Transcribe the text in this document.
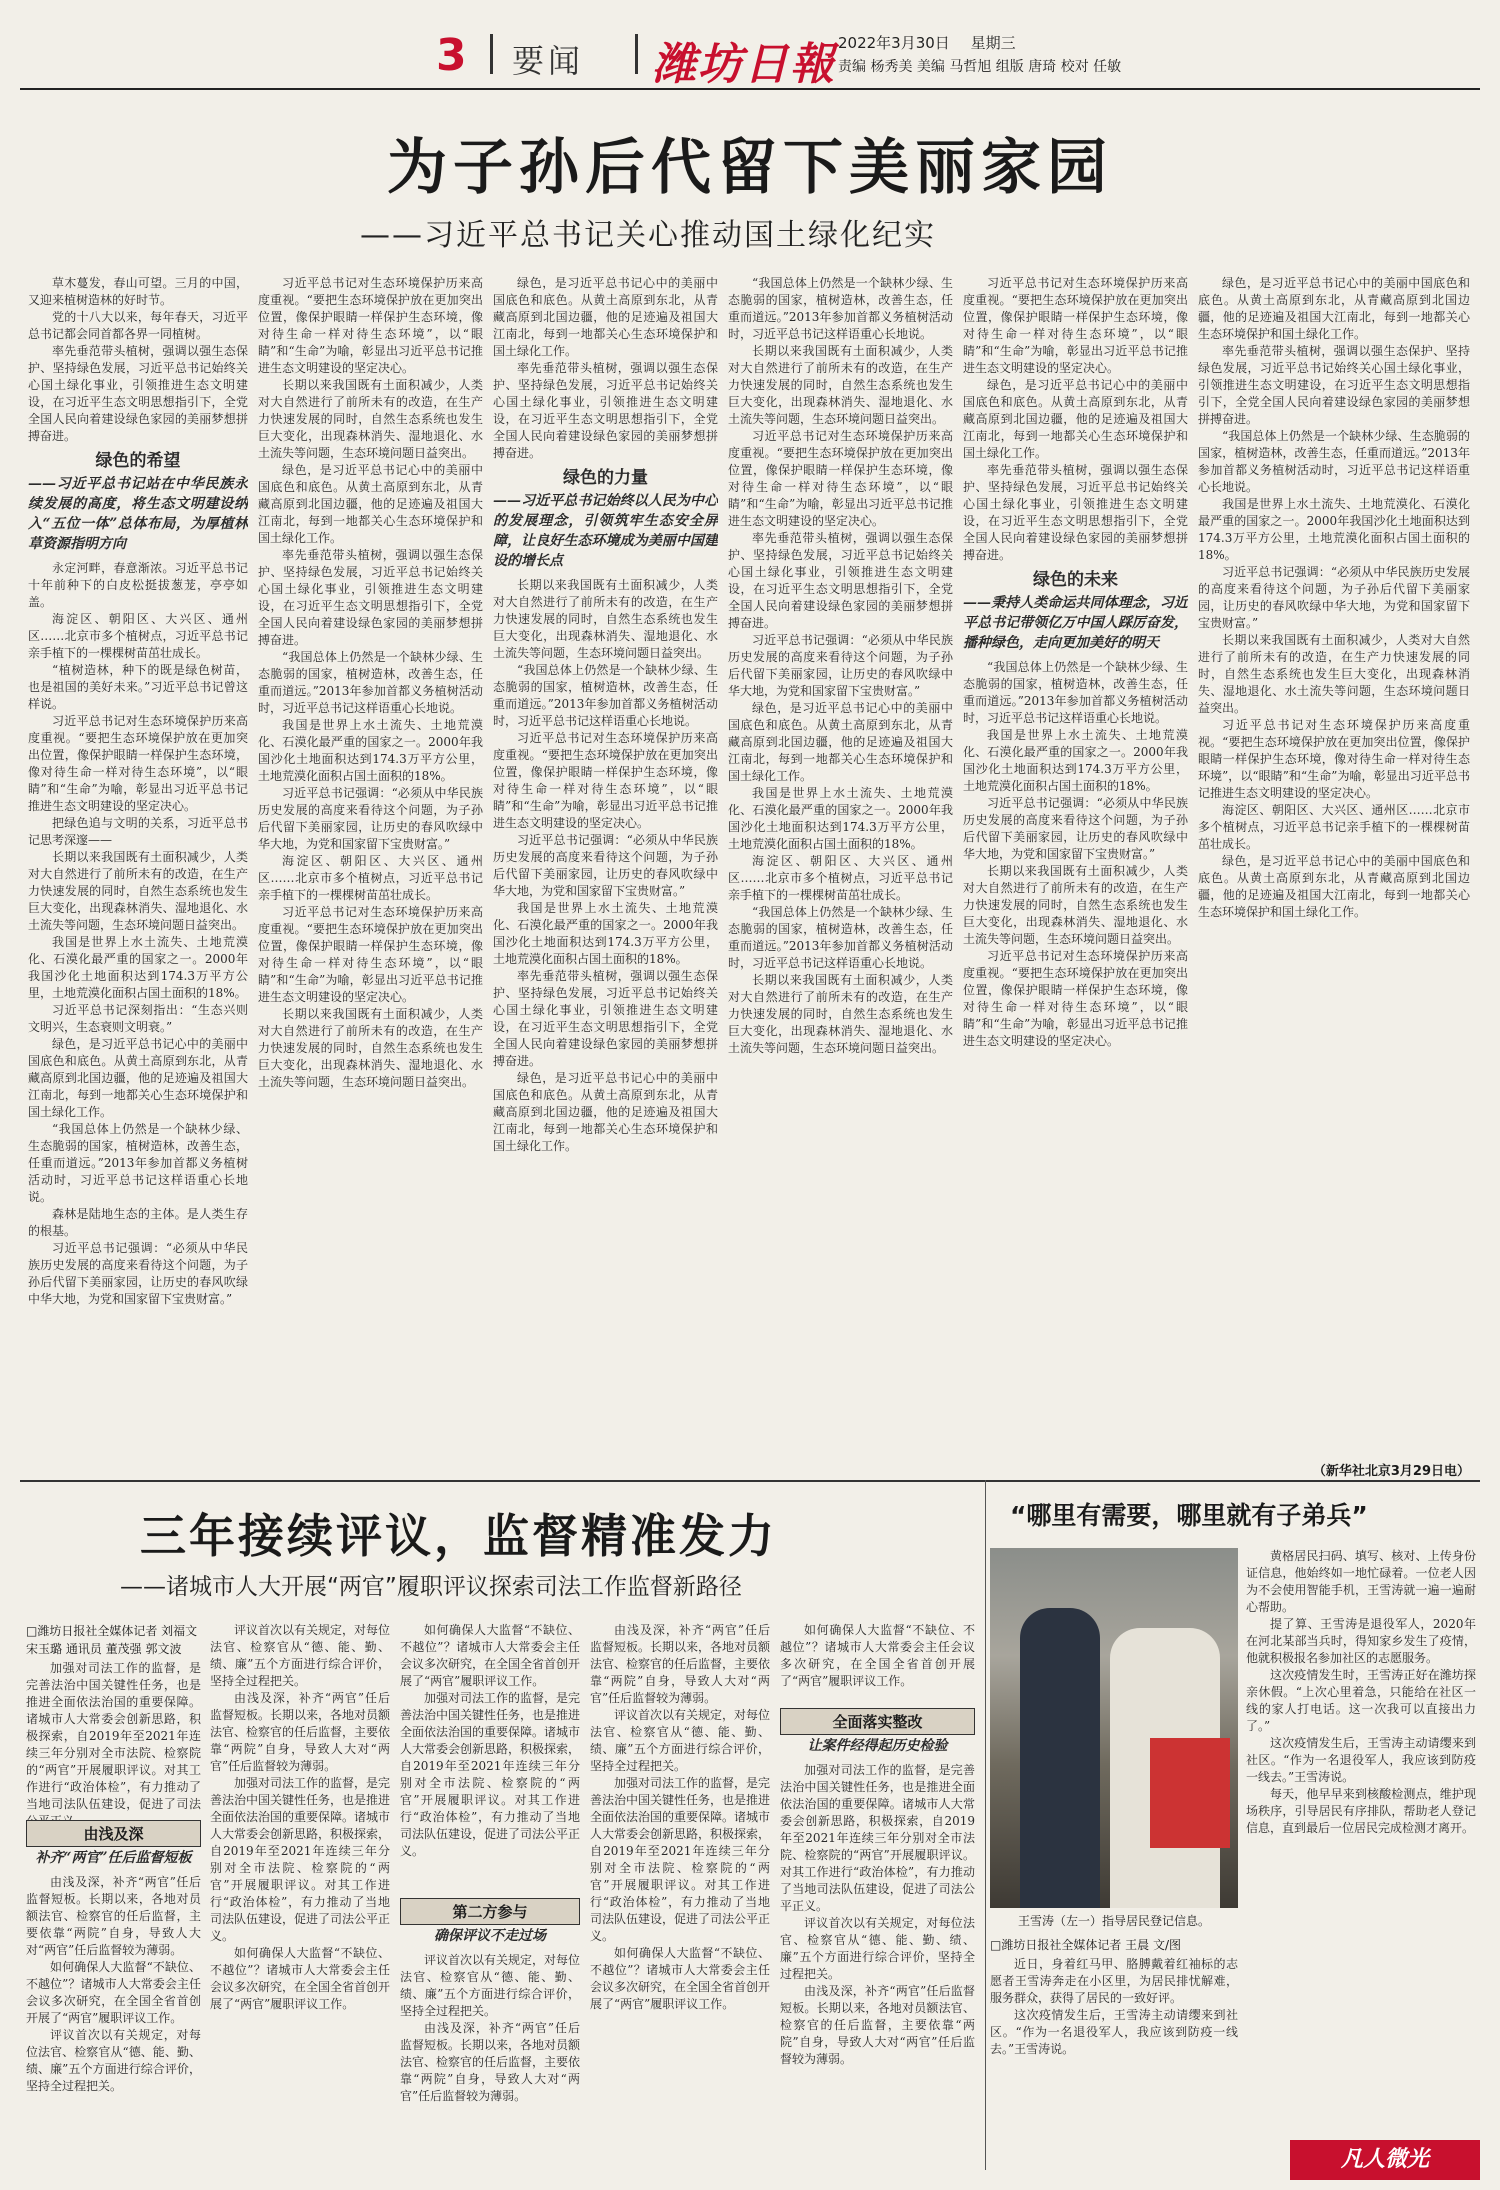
3 要闻 潍坊日報 2022年3月30日 星期三
责编 杨秀美 美编 马哲旭 组版 唐琦 校对 任敏
为子孙后代留下美丽家园
——习近平总书记关心推动国土绿化纪实

草木蔓发，春山可望。三月的中国，又迎来植树造林的好时节。

党的十八大以来，每年春天，习近平总书记都会同首都各界一同植树。

率先垂范带头植树，强调以强生态保护、坚持绿色发展，习近平总书记始终关心国土绿化事业，引领推进生态文明建设，在习近平生态文明思想指引下，全党全国人民向着建设绿色家园的美丽梦想拼搏奋进。

绿色的希望
——习近平总书记站在中华民族永续发展的高度，将生态文明建设纳入“五位一体”总体布局，为厚植林草资源指明方向

永定河畔，春意渐浓。习近平总书记十年前种下的白皮松挺拔葱茏，亭亭如盖。

海淀区、朝阳区、大兴区、通州区……北京市多个植树点，习近平总书记亲手植下的一棵棵树苗茁壮成长。

“植树造林，种下的既是绿色树苗，也是祖国的美好未来。”习近平总书记曾这样说。

习近平总书记对生态环境保护历来高度重视。“要把生态环境保护放在更加突出位置，像保护眼睛一样保护生态环境，像对待生命一样对待生态环境”，以“眼睛”和“生命”为喻，彰显出习近平总书记推进生态文明建设的坚定决心。

把绿色追与文明的关系，习近平总书记思考深邃——

长期以来我国既有土面积减少，人类对大自然进行了前所未有的改造，在生产力快速发展的同时，自然生态系统也发生巨大变化，出现森林消失、湿地退化、水土流失等问题，生态环境问题日益突出。

我国是世界上水土流失、土地荒漠化、石漠化最严重的国家之一。2000年我国沙化土地面积达到174.3万平方公里，土地荒漠化面积占国土面积的18%。

习近平总书记深刻指出：“生态兴则文明兴，生态衰则文明衰。”

绿色，是习近平总书记心中的美丽中国底色和底色。从黄土高原到东北，从青藏高原到北国边疆，他的足迹遍及祖国大江南北，每到一地都关心生态环境保护和国土绿化工作。

“我国总体上仍然是一个缺林少绿、生态脆弱的国家，植树造林，改善生态，任重而道远。”2013年参加首都义务植树活动时，习近平总书记这样语重心长地说。

森林是陆地生态的主体。是人类生存的根基。

习近平总书记强调：“必须从中华民族历史发展的高度来看待这个问题，为子孙后代留下美丽家园，让历史的春风吹绿中华大地，为党和国家留下宝贵财富。”

习近平总书记对生态环境保护历来高度重视。“要把生态环境保护放在更加突出位置，像保护眼睛一样保护生态环境，像对待生命一样对待生态环境”，以“眼睛”和“生命”为喻，彰显出习近平总书记推进生态文明建设的坚定决心。

长期以来我国既有土面积减少，人类对大自然进行了前所未有的改造，在生产力快速发展的同时，自然生态系统也发生巨大变化，出现森林消失、湿地退化、水土流失等问题，生态环境问题日益突出。

绿色，是习近平总书记心中的美丽中国底色和底色。从黄土高原到东北，从青藏高原到北国边疆，他的足迹遍及祖国大江南北，每到一地都关心生态环境保护和国土绿化工作。

率先垂范带头植树，强调以强生态保护、坚持绿色发展，习近平总书记始终关心国土绿化事业，引领推进生态文明建设，在习近平生态文明思想指引下，全党全国人民向着建设绿色家园的美丽梦想拼搏奋进。

“我国总体上仍然是一个缺林少绿、生态脆弱的国家，植树造林，改善生态，任重而道远。”2013年参加首都义务植树活动时，习近平总书记这样语重心长地说。

我国是世界上水土流失、土地荒漠化、石漠化最严重的国家之一。2000年我国沙化土地面积达到174.3万平方公里，土地荒漠化面积占国土面积的18%。

习近平总书记强调：“必须从中华民族历史发展的高度来看待这个问题，为子孙后代留下美丽家园，让历史的春风吹绿中华大地，为党和国家留下宝贵财富。”

海淀区、朝阳区、大兴区、通州区……北京市多个植树点，习近平总书记亲手植下的一棵棵树苗茁壮成长。

习近平总书记对生态环境保护历来高度重视。“要把生态环境保护放在更加突出位置，像保护眼睛一样保护生态环境，像对待生命一样对待生态环境”，以“眼睛”和“生命”为喻，彰显出习近平总书记推进生态文明建设的坚定决心。

长期以来我国既有土面积减少，人类对大自然进行了前所未有的改造，在生产力快速发展的同时，自然生态系统也发生巨大变化，出现森林消失、湿地退化、水土流失等问题，生态环境问题日益突出。

绿色，是习近平总书记心中的美丽中国底色和底色。从黄土高原到东北，从青藏高原到北国边疆，他的足迹遍及祖国大江南北，每到一地都关心生态环境保护和国土绿化工作。

率先垂范带头植树，强调以强生态保护、坚持绿色发展，习近平总书记始终关心国土绿化事业，引领推进生态文明建设，在习近平生态文明思想指引下，全党全国人民向着建设绿色家园的美丽梦想拼搏奋进。

绿色的力量
——习近平总书记始终以人民为中心的发展理念，引领筑牢生态安全屏障，让良好生态环境成为美丽中国建设的增长点

长期以来我国既有土面积减少，人类对大自然进行了前所未有的改造，在生产力快速发展的同时，自然生态系统也发生巨大变化，出现森林消失、湿地退化、水土流失等问题，生态环境问题日益突出。

“我国总体上仍然是一个缺林少绿、生态脆弱的国家，植树造林，改善生态，任重而道远。”2013年参加首都义务植树活动时，习近平总书记这样语重心长地说。

习近平总书记对生态环境保护历来高度重视。“要把生态环境保护放在更加突出位置，像保护眼睛一样保护生态环境，像对待生命一样对待生态环境”，以“眼睛”和“生命”为喻，彰显出习近平总书记推进生态文明建设的坚定决心。

习近平总书记强调：“必须从中华民族历史发展的高度来看待这个问题，为子孙后代留下美丽家园，让历史的春风吹绿中华大地，为党和国家留下宝贵财富。”

我国是世界上水土流失、土地荒漠化、石漠化最严重的国家之一。2000年我国沙化土地面积达到174.3万平方公里，土地荒漠化面积占国土面积的18%。

率先垂范带头植树，强调以强生态保护、坚持绿色发展，习近平总书记始终关心国土绿化事业，引领推进生态文明建设，在习近平生态文明思想指引下，全党全国人民向着建设绿色家园的美丽梦想拼搏奋进。

绿色，是习近平总书记心中的美丽中国底色和底色。从黄土高原到东北，从青藏高原到北国边疆，他的足迹遍及祖国大江南北，每到一地都关心生态环境保护和国土绿化工作。

“我国总体上仍然是一个缺林少绿、生态脆弱的国家，植树造林，改善生态，任重而道远。”2013年参加首都义务植树活动时，习近平总书记这样语重心长地说。

长期以来我国既有土面积减少，人类对大自然进行了前所未有的改造，在生产力快速发展的同时，自然生态系统也发生巨大变化，出现森林消失、湿地退化、水土流失等问题，生态环境问题日益突出。

习近平总书记对生态环境保护历来高度重视。“要把生态环境保护放在更加突出位置，像保护眼睛一样保护生态环境，像对待生命一样对待生态环境”，以“眼睛”和“生命”为喻，彰显出习近平总书记推进生态文明建设的坚定决心。

率先垂范带头植树，强调以强生态保护、坚持绿色发展，习近平总书记始终关心国土绿化事业，引领推进生态文明建设，在习近平生态文明思想指引下，全党全国人民向着建设绿色家园的美丽梦想拼搏奋进。

习近平总书记强调：“必须从中华民族历史发展的高度来看待这个问题，为子孙后代留下美丽家园，让历史的春风吹绿中华大地，为党和国家留下宝贵财富。”

绿色，是习近平总书记心中的美丽中国底色和底色。从黄土高原到东北，从青藏高原到北国边疆，他的足迹遍及祖国大江南北，每到一地都关心生态环境保护和国土绿化工作。

我国是世界上水土流失、土地荒漠化、石漠化最严重的国家之一。2000年我国沙化土地面积达到174.3万平方公里，土地荒漠化面积占国土面积的18%。

海淀区、朝阳区、大兴区、通州区……北京市多个植树点，习近平总书记亲手植下的一棵棵树苗茁壮成长。

“我国总体上仍然是一个缺林少绿、生态脆弱的国家，植树造林，改善生态，任重而道远。”2013年参加首都义务植树活动时，习近平总书记这样语重心长地说。

长期以来我国既有土面积减少，人类对大自然进行了前所未有的改造，在生产力快速发展的同时，自然生态系统也发生巨大变化，出现森林消失、湿地退化、水土流失等问题，生态环境问题日益突出。

习近平总书记对生态环境保护历来高度重视。“要把生态环境保护放在更加突出位置，像保护眼睛一样保护生态环境，像对待生命一样对待生态环境”，以“眼睛”和“生命”为喻，彰显出习近平总书记推进生态文明建设的坚定决心。

绿色，是习近平总书记心中的美丽中国底色和底色。从黄土高原到东北，从青藏高原到北国边疆，他的足迹遍及祖国大江南北，每到一地都关心生态环境保护和国土绿化工作。

率先垂范带头植树，强调以强生态保护、坚持绿色发展，习近平总书记始终关心国土绿化事业，引领推进生态文明建设，在习近平生态文明思想指引下，全党全国人民向着建设绿色家园的美丽梦想拼搏奋进。

绿色的未来
——秉持人类命运共同体理念，习近平总书记带领亿万中国人踩厉奋发，播种绿色，走向更加美好的明天

“我国总体上仍然是一个缺林少绿、生态脆弱的国家，植树造林，改善生态，任重而道远。”2013年参加首都义务植树活动时，习近平总书记这样语重心长地说。

我国是世界上水土流失、土地荒漠化、石漠化最严重的国家之一。2000年我国沙化土地面积达到174.3万平方公里，土地荒漠化面积占国土面积的18%。

习近平总书记强调：“必须从中华民族历史发展的高度来看待这个问题，为子孙后代留下美丽家园，让历史的春风吹绿中华大地，为党和国家留下宝贵财富。”

长期以来我国既有土面积减少，人类对大自然进行了前所未有的改造，在生产力快速发展的同时，自然生态系统也发生巨大变化，出现森林消失、湿地退化、水土流失等问题，生态环境问题日益突出。

习近平总书记对生态环境保护历来高度重视。“要把生态环境保护放在更加突出位置，像保护眼睛一样保护生态环境，像对待生命一样对待生态环境”，以“眼睛”和“生命”为喻，彰显出习近平总书记推进生态文明建设的坚定决心。

绿色，是习近平总书记心中的美丽中国底色和底色。从黄土高原到东北，从青藏高原到北国边疆，他的足迹遍及祖国大江南北，每到一地都关心生态环境保护和国土绿化工作。

率先垂范带头植树，强调以强生态保护、坚持绿色发展，习近平总书记始终关心国土绿化事业，引领推进生态文明建设，在习近平生态文明思想指引下，全党全国人民向着建设绿色家园的美丽梦想拼搏奋进。

“我国总体上仍然是一个缺林少绿、生态脆弱的国家，植树造林，改善生态，任重而道远。”2013年参加首都义务植树活动时，习近平总书记这样语重心长地说。

我国是世界上水土流失、土地荒漠化、石漠化最严重的国家之一。2000年我国沙化土地面积达到174.3万平方公里，土地荒漠化面积占国土面积的18%。

习近平总书记强调：“必须从中华民族历史发展的高度来看待这个问题，为子孙后代留下美丽家园，让历史的春风吹绿中华大地，为党和国家留下宝贵财富。”

长期以来我国既有土面积减少，人类对大自然进行了前所未有的改造，在生产力快速发展的同时，自然生态系统也发生巨大变化，出现森林消失、湿地退化、水土流失等问题，生态环境问题日益突出。

习近平总书记对生态环境保护历来高度重视。“要把生态环境保护放在更加突出位置，像保护眼睛一样保护生态环境，像对待生命一样对待生态环境”，以“眼睛”和“生命”为喻，彰显出习近平总书记推进生态文明建设的坚定决心。

海淀区、朝阳区、大兴区、通州区……北京市多个植树点，习近平总书记亲手植下的一棵棵树苗茁壮成长。

绿色，是习近平总书记心中的美丽中国底色和底色。从黄土高原到东北，从青藏高原到北国边疆，他的足迹遍及祖国大江南北，每到一地都关心生态环境保护和国土绿化工作。

（新华社北京3月29日电）
三年接续评议，监督精准发力
——诸城市人大开展“两官”履职评议探索司法工作监督新路径
□潍坊日报社全媒体记者 刘福文 宋玉璐 通讯员 董茂强 郭文波

加强对司法工作的监督，是完善法治中国关键性任务，也是推进全面依法治国的重要保障。诸城市人大常委会创新思路，积极探索，自2019年至2021年连续三年分别对全市法院、检察院的“两官”开展履职评议。对其工作进行“政治体检”，有力推动了当地司法队伍建设，促进了司法

由浅及深
补齐“两官”任后监督短板

由浅及深，补齐“两官”任后监督短板。长期以来，各地对员额法官、检察官的任后监督，主要依靠“两院”自身，导致人大对“两官”任后监督较为薄弱。

如何确保人大监督“不缺位、不越位”？诸城市人大常委会主任会议多次研究，在全国全省首创开展了“两官”履职评议工作。

评议首次以有关规定，对每位法官、检察官从“德、能、勤、绩、廉”五个方面进行综合评价，坚持全过程把关。

评议首次以有关规定，对每位法官、检察官从“德、能、勤、绩、廉”五个方面进行综合评价，坚持全过程把关。

由浅及深，补齐“两官”任后监督短板。长期以来，各地对员额法官、检察官的任后监督，主要依靠“两院”自身，导致人大对“两官”任后监督较为薄弱。

加强对司法工作的监督，是完善法治中国关键性任务，也是推进全面依法治国的重要保障。诸城市人大常委会创新思路，积极探索，自2019年至2021年连续三年分别对全市法院、检察院的“两官”开展履职评议。对其工作进行“政治体检”，有力推动了当地司法队伍建设，促进了司法公平正义。

如何确保人大监督“不缺位、不越位”？诸城市人大常委会主任会议多次研究，在全国全省首创开展了“两官”履职评议工作。

如何确保人大监督“不缺位、不越位”？诸城市人大常委会主任会议多次研究，在全国全省首创开展了“两官”履职评议工作。

加强对司法工作的监督，是完善法治中国关键性任务，也是推进全面依法治国的重要保障。诸城市人大常委会创新思路，积极探索，自2019年至2021年连续三年分别对全市法院、检察院的“两官”开展履职评议。对其工作进行“政治体检”，有力推动了当地司法队伍建设，促进了司法公平正义。

第二方参与
确保评议不走过场

评议首次以有关规定，对每位法官、检察官从“德、能、勤、绩、廉”五个方面进行综合评价，坚持全过程把关。

由浅及深，补齐“两官”任后监督短板。长期以来，各地对员额法官、检察官的任后监督，主要依靠“两院”自身，导致人大对“两官”任后监督较为薄弱。

由浅及深，补齐“两官”任后监督短板。长期以来，各地对员额法官、检察官的任后监督，主要依靠“两院”自身，导致人大对“两官”任后监督较为薄弱。

评议首次以有关规定，对每位法官、检察官从“德、能、勤、绩、廉”五个方面进行综合评价，坚持全过程把关。

加强对司法工作的监督，是完善法治中国关键性任务，也是推进全面依法治国的重要保障。诸城市人大常委会创新思路，积极探索，自2019年至2021年连续三年分别对全市法院、检察院的“两官”开展履职评议。对其工作进行“政治体检”，有力推动了当地司法队伍建设，促进了司法公平正义。

如何确保人大监督“不缺位、不越位”？诸城市人大常委会主任会议多次研究，在全国全省首创开展了“两官”履职评议工作。

如何确保人大监督“不缺位、不越位”？诸城市人大常委会主任会议多次研究，在全国全省首创开展了“两官”履职评议工作。

全面落实整改
让案件经得起历史检验

加强对司法工作的监督，是完善法治中国关键性任务，也是推进全面依法治国的重要保障。诸城市人大常委会创新思路，积极探索，自2019年至2021年连续三年分别对全市法院、检察院的“两官”开展履职评议。对其工作进行“政治体检”，有力推动了当地司法队伍建设，促进了司法公平正义。

评议首次以有关规定，对每位法官、检察官从“德、能、勤、绩、廉”五个方面进行综合评价，坚持全过程把关。

由浅及深，补齐“两官”任后监督短板。长期以来，各地对员额法官、检察官的任后监督，主要依靠“两院”自身，导致人大对“两官”任后监督较为薄弱。

“哪里有需要，哪里就有子弟兵”
王雪涛（左一）指导居民登记信息。
□潍坊日报社全媒体记者 王晨 文/图

黄格居民扫码、填写、核对、上传身份证信息，他始终如一地忙碌着。一位老人因为不会使用智能手机，王雪涛就一遍一遍耐心帮助。

提了算、王雪涛是退役军人，2020年在河北某部当兵时，得知家乡发生了疫情，他就积极报名参加社区的志愿服务。

这次疫情发生时，王雪涛正好在潍坊探亲休假。“上次心里着急，只能给在社区一线的家人打电话。这一次我可以直接出力了。”

这次疫情发生后，王雪涛主动请缨来到社区。“作为一名退役军人，我应该到防疫一线去。”王雪涛说。

每天，他早早来到核酸检测点，维护现场秩序，引导居民有序排队，帮助老人登记信息，直到最后一位居民完成检测才离开。

近日，身着红马甲、胳膊戴着红袖标的志愿者王雪涛奔走在小区里，为居民排忧解难，服务群众，获得了居民的一致好评。

这次疫情发生后，王雪涛主动请缨来到社区。“作为一名退役军人，我应该到防疫一线去。”王雪涛说。

凡人微光
